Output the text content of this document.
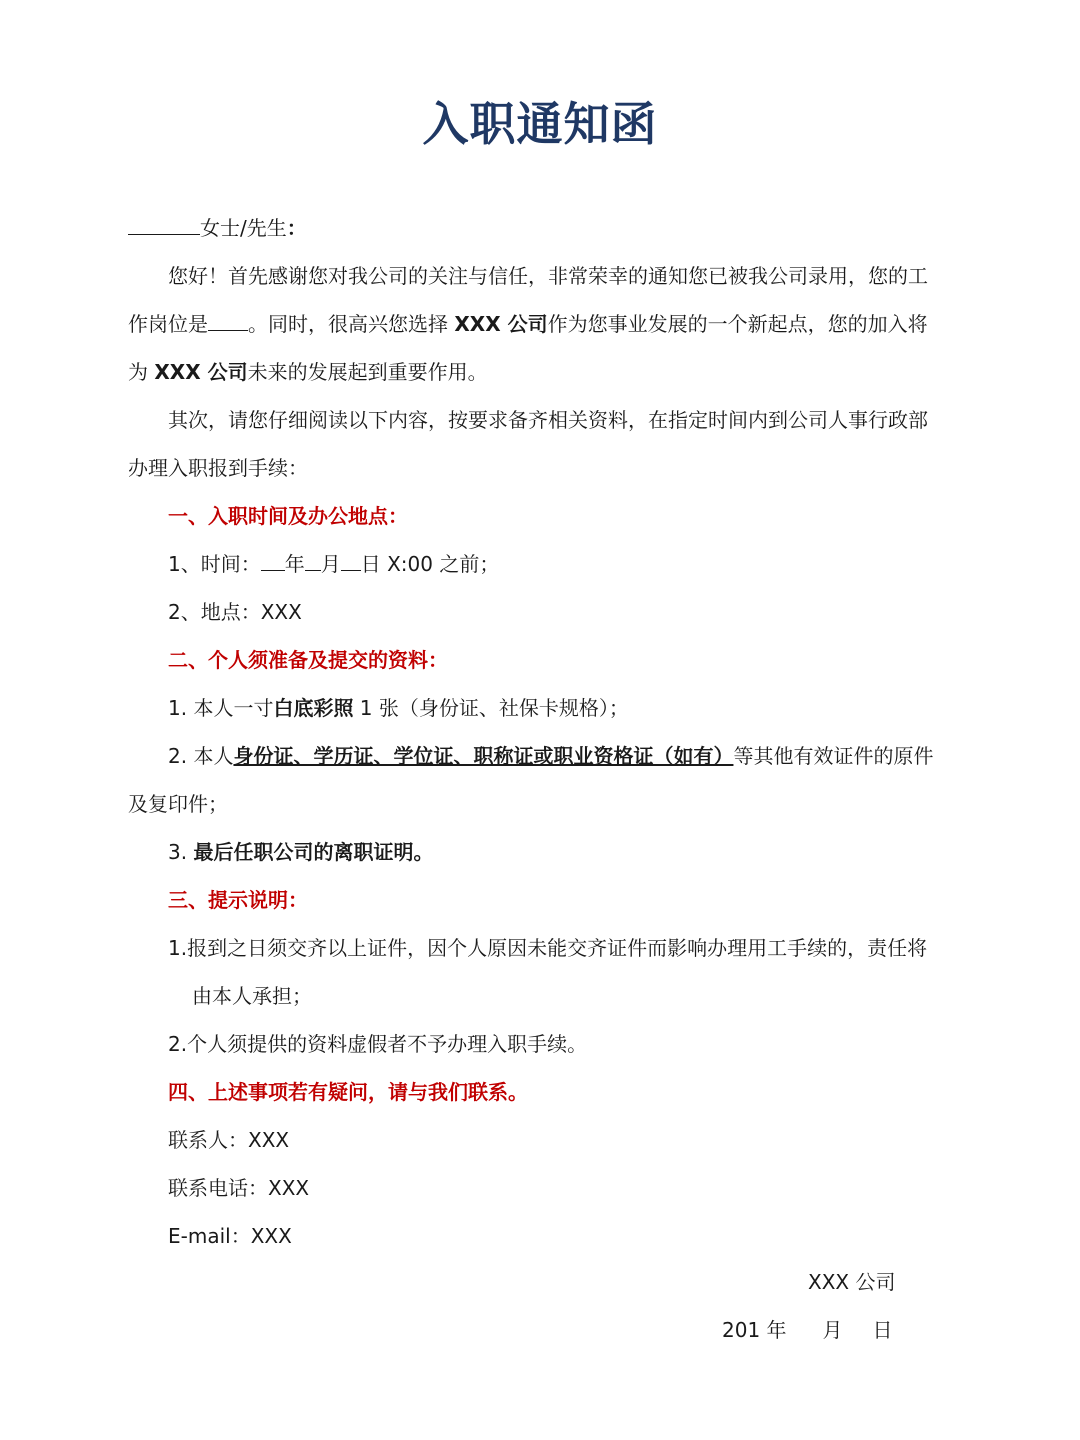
入职通知函
女士/先生：
您好！首先感谢您对我公司的关注与信任，非常荣幸的通知您已被我公司录用，您的工
作岗位是 。同时，很高兴您选择 XXX 公司作为您事业发展的一个新起点，您的加入将
为 XXX 公司未来的发展起到重要作用。
其次，请您仔细阅读以下内容，按要求备齐相关资料，在指定时间内到公司人事行政部
办理入职报到手续：
一、入职时间及办公地点：
1、时间： 年 月 日 X:00 之前；
2、地点：XXX
二、个人须准备及提交的资料：
1. 本人一寸白底彩照 1 张（身份证、社保卡规格）；
2. 本人身份证、学历证、学位证、职称证或职业资格证（如有）等其他有效证件的原件
及复印件；
3. 最后任职公司的离职证明。
三、提示说明：
1.报到之日须交齐以上证件，因个人原因未能交齐证件而影响办理用工手续的，责任将
由本人承担；
2.个人须提供的资料虚假者不予办理入职手续。
四、上述事项若有疑问，请与我们联系。
联系人：XXX
联系电话：XXX
E-mail：XXX
XXX 公司
201 年 月 日
